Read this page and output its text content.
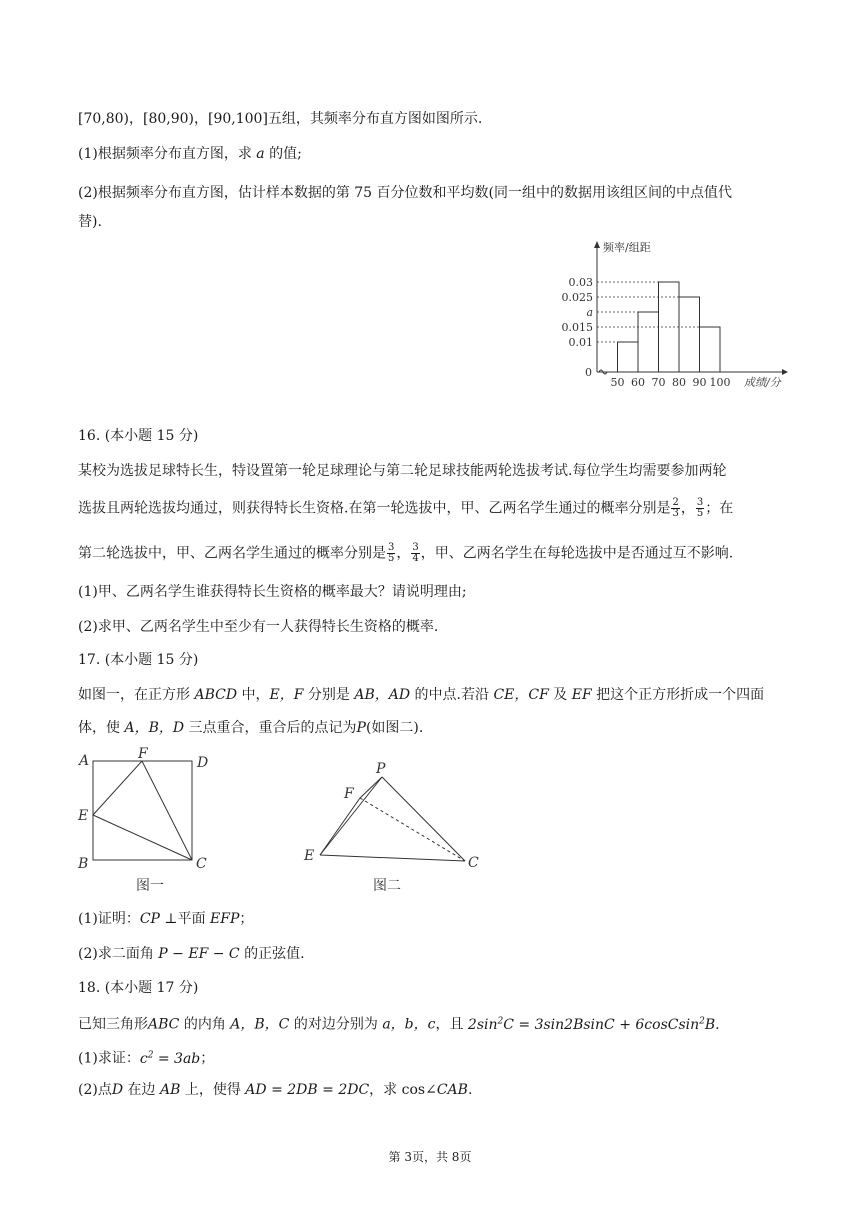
[70,80)，[80,90)，[90,100]五组，其频率分布直方图如图所示.
(1)根据频率分布直方图，求 a 的值;
(2)根据频率分布直方图，估计样本数据的第 75 百分位数和平均数(同一组中的数据用该组区间的中点值代
替).
频率/组距
成绩/分
0
0.03
0.025
a
0.015
0.01
50 60 70 80 90 100
16. (本小题 15 分)
某校为选拔足球特长生，特设置第一轮足球理论与第二轮足球技能两轮选拔考试.每位学生均需要参加两轮
选拔且两轮选拔均通过，则获得特长生资格.在第一轮选拔中，甲、乙两名学生通过的概率分别是 $\frac{2}{3}$ ， $\frac{3}{5}$ ；在
第二轮选拔中，甲、乙两名学生通过的概率分别是 $\frac{3}{5}$ ， $\frac{3}{4}$ ，甲、乙两名学生在每轮选拔中是否通过互不影响.
(1)甲、乙两名学生谁获得特长生资格的概率最大？请说明理由;
(2)求甲、乙两名学生中至少有一人获得特长生资格的概率.
17. (本小题 15 分)
如图一，在正方形 ABCD 中，E，F 分别是 AB，AD 的中点.若沿 CE，CF 及 EF 把这个正方形折成一个四面
体，使 A，B，D 三点重合，重合后的点记为P(如图二).
A	F
D
E
B	C
图一
P
F
E	C
图二
(1)证明：CP ⊥平面 EFP；
(2)求二面角 P − EF − C 的正弦值.
18. (本小题 17 分)
已知三角形ABC 的内角 A，B，C 的对边分别为 a，b，c，且 $2\sin^2C = 3\sin 2BsinC$ + 6cosCsin$^2$B.
(1)求证：$c^2 = 3ab$；
(2)点D 在边 AB 上，使得 AD = 2DB = 2DC，求 cos∠CAB.
第 3页，共 8页
